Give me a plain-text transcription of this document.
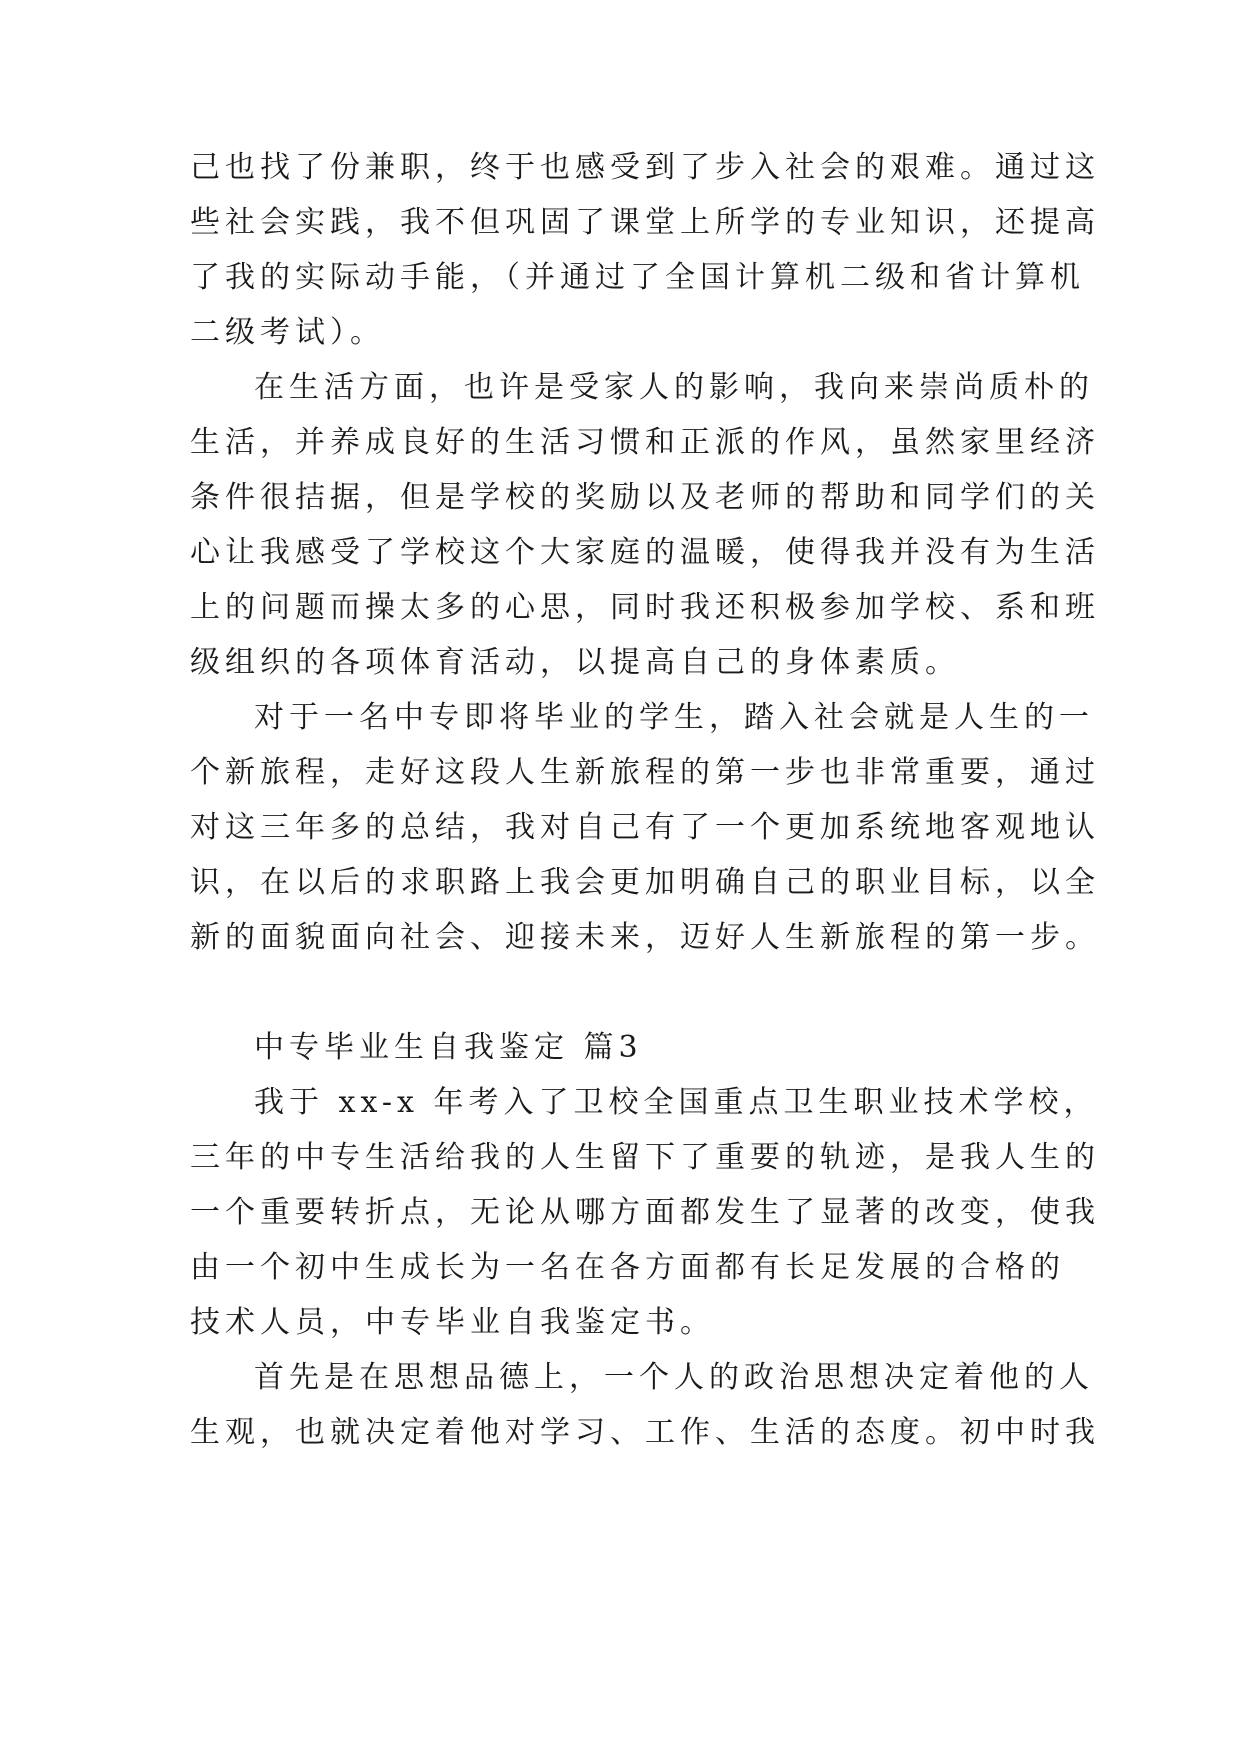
己也找了份兼职，终于也感受到了步入社会的艰难。通过这
些社会实践，我不但巩固了课堂上所学的专业知识，还提高
了我的实际动手能，（并通过了全国计算机二级和省计算机
二级考试）。
在生活方面，也许是受家人的影响，我向来崇尚质朴的
生活，并养成良好的生活习惯和正派的作风，虽然家里经济
条件很拮据，但是学校的奖励以及老师的帮助和同学们的关
心让我感受了学校这个大家庭的温暖，使得我并没有为生活
上的问题而操太多的心思，同时我还积极参加学校、系和班
级组织的各项体育活动，以提高自己的身体素质。
对于一名中专即将毕业的学生，踏入社会就是人生的一
个新旅程，走好这段人生新旅程的第一步也非常重要，通过
对这三年多的总结，我对自己有了一个更加系统地客观地认
识，在以后的求职路上我会更加明确自己的职业目标，以全
新的面貌面向社会、迎接未来，迈好人生新旅程的第一步。
中专毕业生自我鉴定 篇3
我于 xx-x 年考入了卫校全国重点卫生职业技术学校，
三年的中专生活给我的人生留下了重要的轨迹，是我人生的
一个重要转折点，无论从哪方面都发生了显著的改变，使我
由一个初中生成长为一名在各方面都有长足发展的合格的
技术人员，中专毕业自我鉴定书。
首先是在思想品德上，一个人的政治思想决定着他的人
生观，也就决定着他对学习、工作、生活的态度。初中时我
